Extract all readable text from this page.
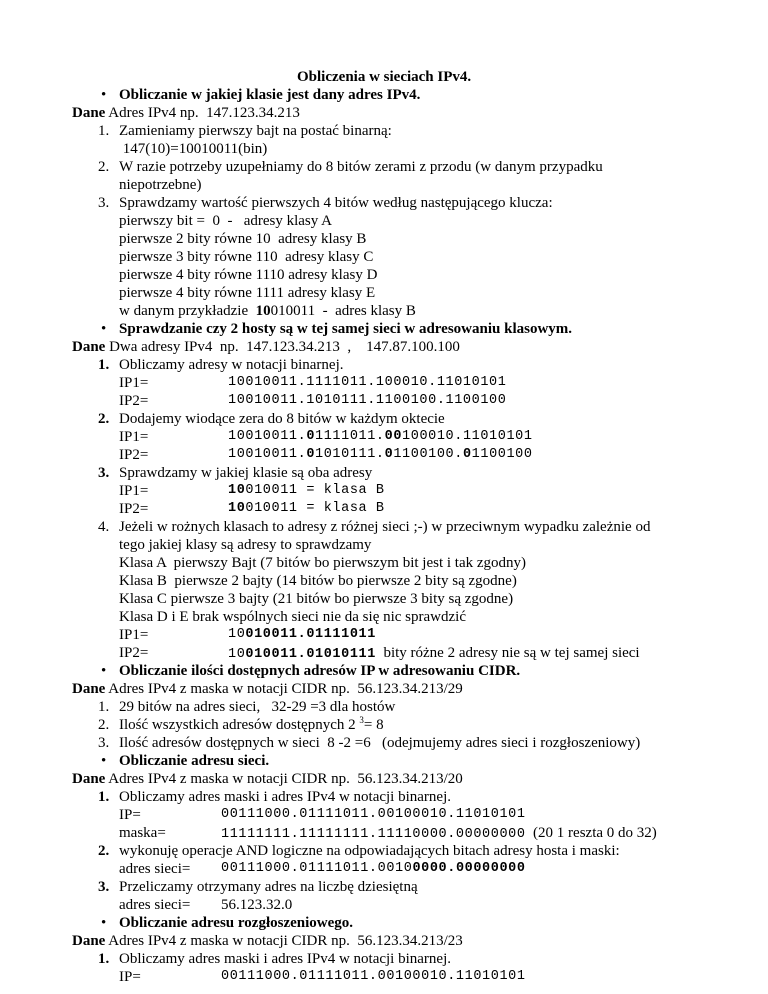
Obliczenia w sieciach IPv4.
• Obliczanie w jakiej klasie jest dany adres IPv4.
Dane Adres IPv4 np.  147.123.34.213
1. Zamieniamy pierwszy bajt na postać binarną:
147(10)=10010011(bin)
2. W razie potrzeby uzupełniamy do 8 bitów zerami z przodu (w danym przypadku
niepotrzebne)
3. Sprawdzamy wartość pierwszych 4 bitów według następującego klucza:
pierwszy bit =  0  -   adresy klasy A
pierwsze 2 bity równe 10  adresy klasy B
pierwsze 3 bity równe 110  adresy klasy C
pierwsze 4 bity równe 1110 adresy klasy D
pierwsze 4 bity równe 1111 adresy klasy E
w danym przykładzie  10010011  -  adres klasy B
• Sprawdzanie czy 2 hosty są w tej samej sieci w adresowaniu klasowym.
Dane Dwa adresy IPv4  np.  147.123.34.213  ,    147.87.100.100
1. Obliczamy adresy w notacji binarnej.
IP1=	10010011.1111011.100010.11010101
IP2=	10010011.1010111.1100100.1100100
2. Dodajemy wiodące zera do 8 bitów w każdym oktecie
IP1=	10010011.01111011.00100010.11010101
IP2=	10010011.01010111.01100100.01100100
3. Sprawdzamy w jakiej klasie są oba adresy
IP1=	10010011 = klasa B
IP2=	10010011 = klasa B
4. Jeżeli w rożnych klasach to adresy z różnej sieci ;-) w przeciwnym wypadku zależnie od
tego jakiej klasy są adresy to sprawdzamy
Klasa A  pierwszy Bajt (7 bitów bo pierwszym bit jest i tak zgodny)
Klasa B  pierwsze 2 bajty (14 bitów bo pierwsze 2 bity są zgodne)
Klasa C pierwsze 3 bajty (21 bitów bo pierwsze 3 bity są zgodne)
Klasa D i E brak wspólnych sieci nie da się nic sprawdzić
IP1=	10010011.01111011
IP2=	10010011.01010111  bity różne 2 adresy nie są w tej samej sieci
• Obliczanie ilości dostępnych adresów IP w adresowaniu CIDR.
Dane Adres IPv4 z maska w notacji CIDR np.  56.123.34.213/29
1. 29 bitów na adres sieci,   32-29 =3 dla hostów
2. Ilość wszystkich adresów dostępnych 2 $^3$= 8
3. Ilość adresów dostępnych w sieci  8 -2 =6   (odejmujemy adres sieci i rozgłoszeniowy)
• Obliczanie adresu sieci.
Dane Adres IPv4 z maska w notacji CIDR np.  56.123.34.213/20
1. Obliczamy adres maski i adres IPv4 w notacji binarnej.
IP=	00111000.01111011.00100010.11010101
maska=	11111111.11111111.11110000.00000000  (20 1 reszta 0 do 32)
2. wykonuję operacje AND logiczne na odpowiadających bitach adresy hosta i maski:
adres sieci= 00111000.01111011.00100000.00000000
3. Przeliczamy otrzymany adres na liczbę dziesiętną
adres sieci= 56.123.32.0
• Obliczanie adresu rozgłoszeniowego.
Dane Adres IPv4 z maska w notacji CIDR np.  56.123.34.213/23
1. Obliczamy adres maski i adres IPv4 w notacji binarnej.
IP=	00111000.01111011.00100010.11010101
